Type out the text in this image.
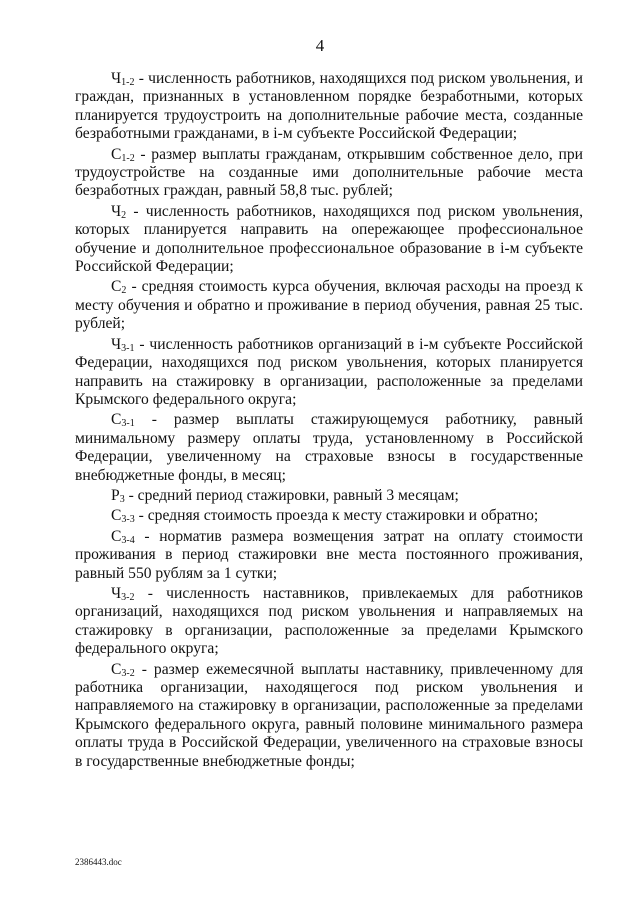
4

$Ч_{1-2}$ - численность работников, находящихся под риском увольнения, и граждан, признанных в установленном порядке безработными, которых планируется трудоустроить на дополнительные рабочие места, созданные безработными гражданами, в i-м субъекте Российской Федерации;

$С_{1-2}$ - размер выплаты гражданам, открывшим собственное дело, при трудоустройстве на созданные ими дополнительные рабочие места безработных граждан, равный 58,8 тыс. рублей;

$Ч_2$ - численность работников, находящихся под риском увольнения, которых планируется направить на опережающее профессиональное обучение и дополнительное профессиональное образование в i-м субъекте Российской Федерации;

$С_2$ - средняя стоимость курса обучения, включая расходы на проезд к месту обучения и обратно и проживание в период обучения, равная 25 тыс. рублей;

$Ч_{3-1}$ - численность работников организаций в i-м субъекте Российской Федерации, находящихся под риском увольнения, которых планируется направить на стажировку в организации, расположенные за пределами Крымского федерального округа;

$С_{3-1}$ - размер выплаты стажирующемуся работнику, равный минимальному размеру оплаты труда, установленному в Российской Федерации, увеличенному на страховые взносы в государственные внебюджетные фонды, в месяц;

$Р_3$ - средний период стажировки, равный 3 месяцам;

$С_{3-3}$ - средняя стоимость проезда к месту стажировки и обратно;

$С_{3-4}$ - норматив размера возмещения затрат на оплату стоимости проживания в период стажировки вне места постоянного проживания, равный 550 рублям за 1 сутки;

$Ч_{3-2}$ - численность наставников, привлекаемых для работников организаций, находящихся под риском увольнения и направляемых на стажировку в организации, расположенные за пределами Крымского федерального округа;

$С_{3-2}$ - размер ежемесячной выплаты наставнику, привлеченному для работника организации, находящегося под риском увольнения и направляемого на стажировку в организации, расположенные за пределами Крымского федерального округа, равный половине минимального размера оплаты труда в Российской Федерации, увеличенного на страховые взносы в государственные внебюджетные фонды;

2386443.doc
